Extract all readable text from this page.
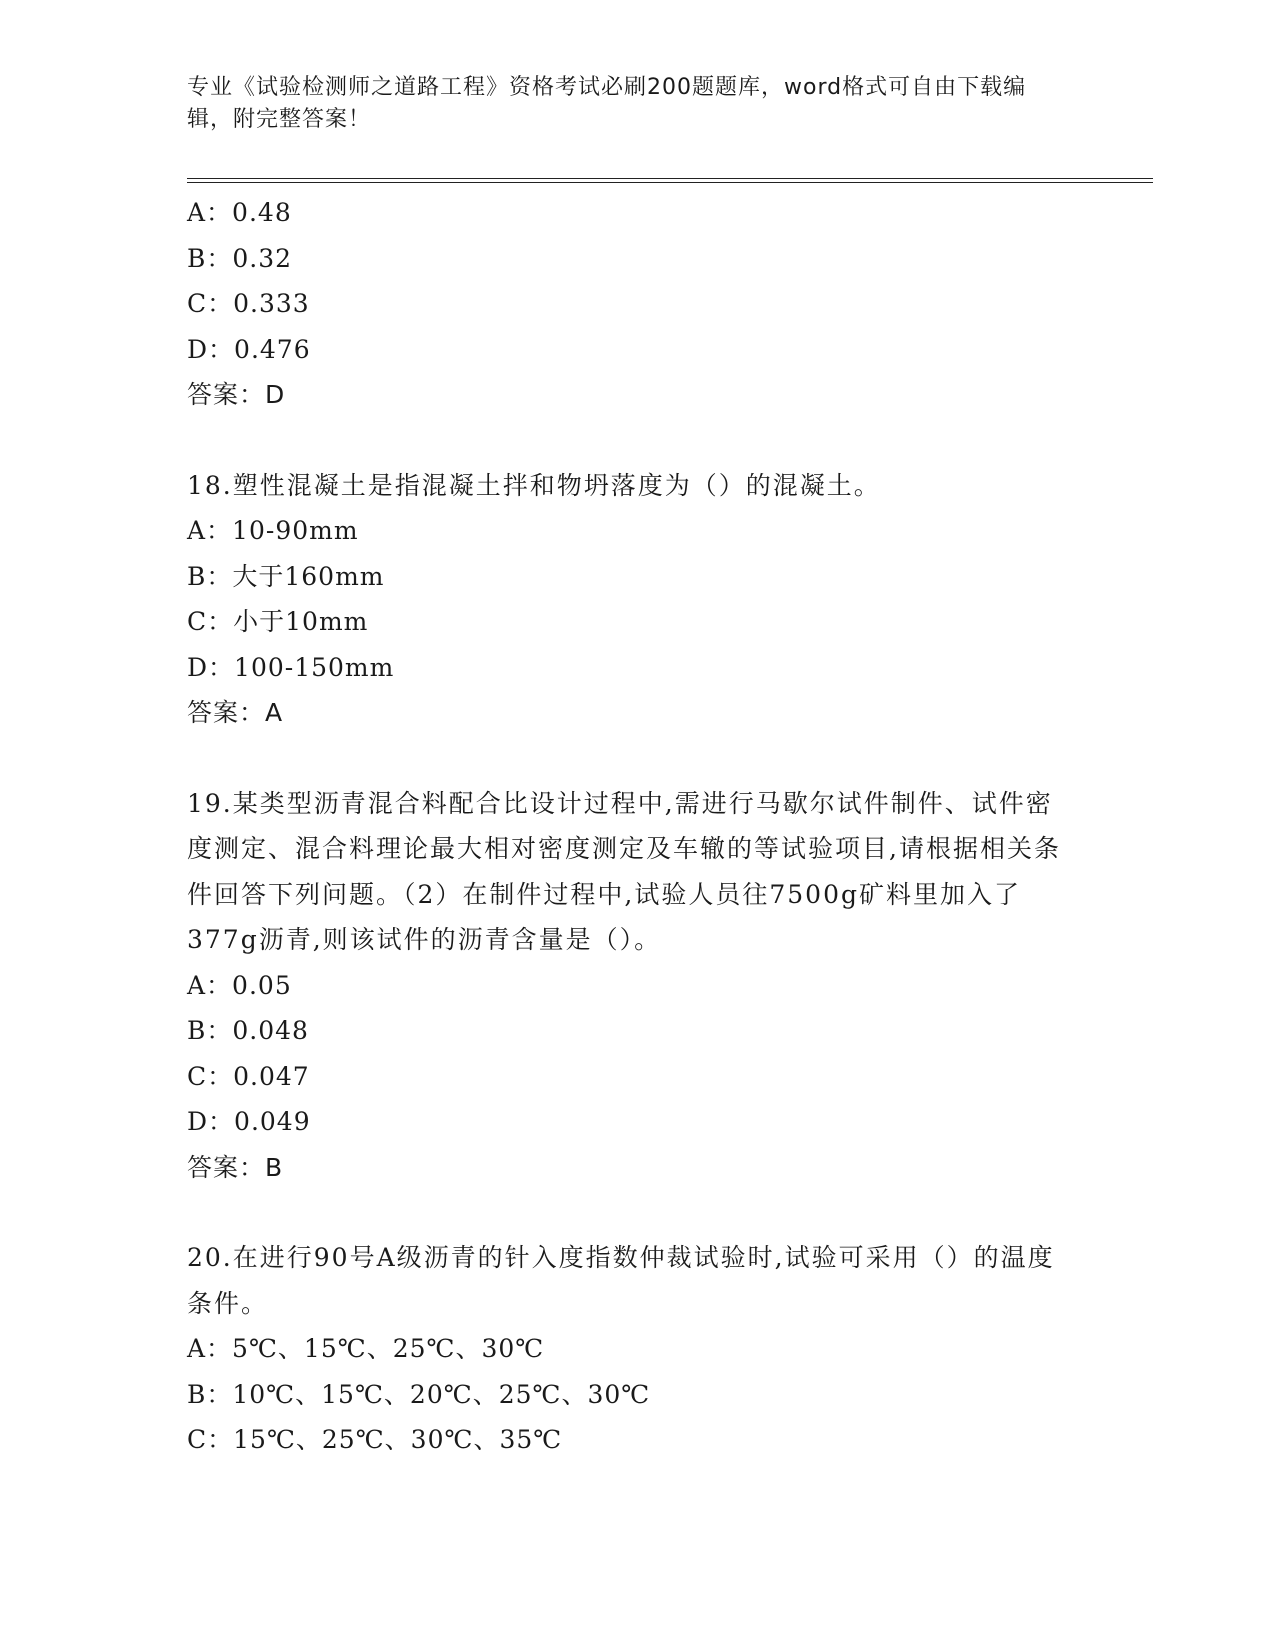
专业《试验检测师之道路工程》资格考试必刷200题题库，word格式可自由下载编辑，附完整答案！
A：0.48
B：0.32
C：0.333
D：0.476
答案：D
18.塑性混凝土是指混凝土拌和物坍落度为（）的混凝土。
A：10-90mm
B：大于160mm
C：小于10mm
D：100-150mm
答案：A
19.某类型沥青混合料配合比设计过程中,需进行马歇尔试件制件、试件密度测定、混合料理论最大相对密度测定及车辙的等试验项目,请根据相关条件回答下列问题。（2）在制件过程中,试验人员往7500g矿料里加入了377g沥青,则该试件的沥青含量是（）。
A：0.05
B：0.048
C：0.047
D：0.049
答案：B
20.在进行90号A级沥青的针入度指数仲裁试验时,试验可采用（）的温度条件。
A：5℃、15℃、25℃、30℃
B：10℃、15℃、20℃、25℃、30℃
C：15℃、25℃、30℃、35℃
